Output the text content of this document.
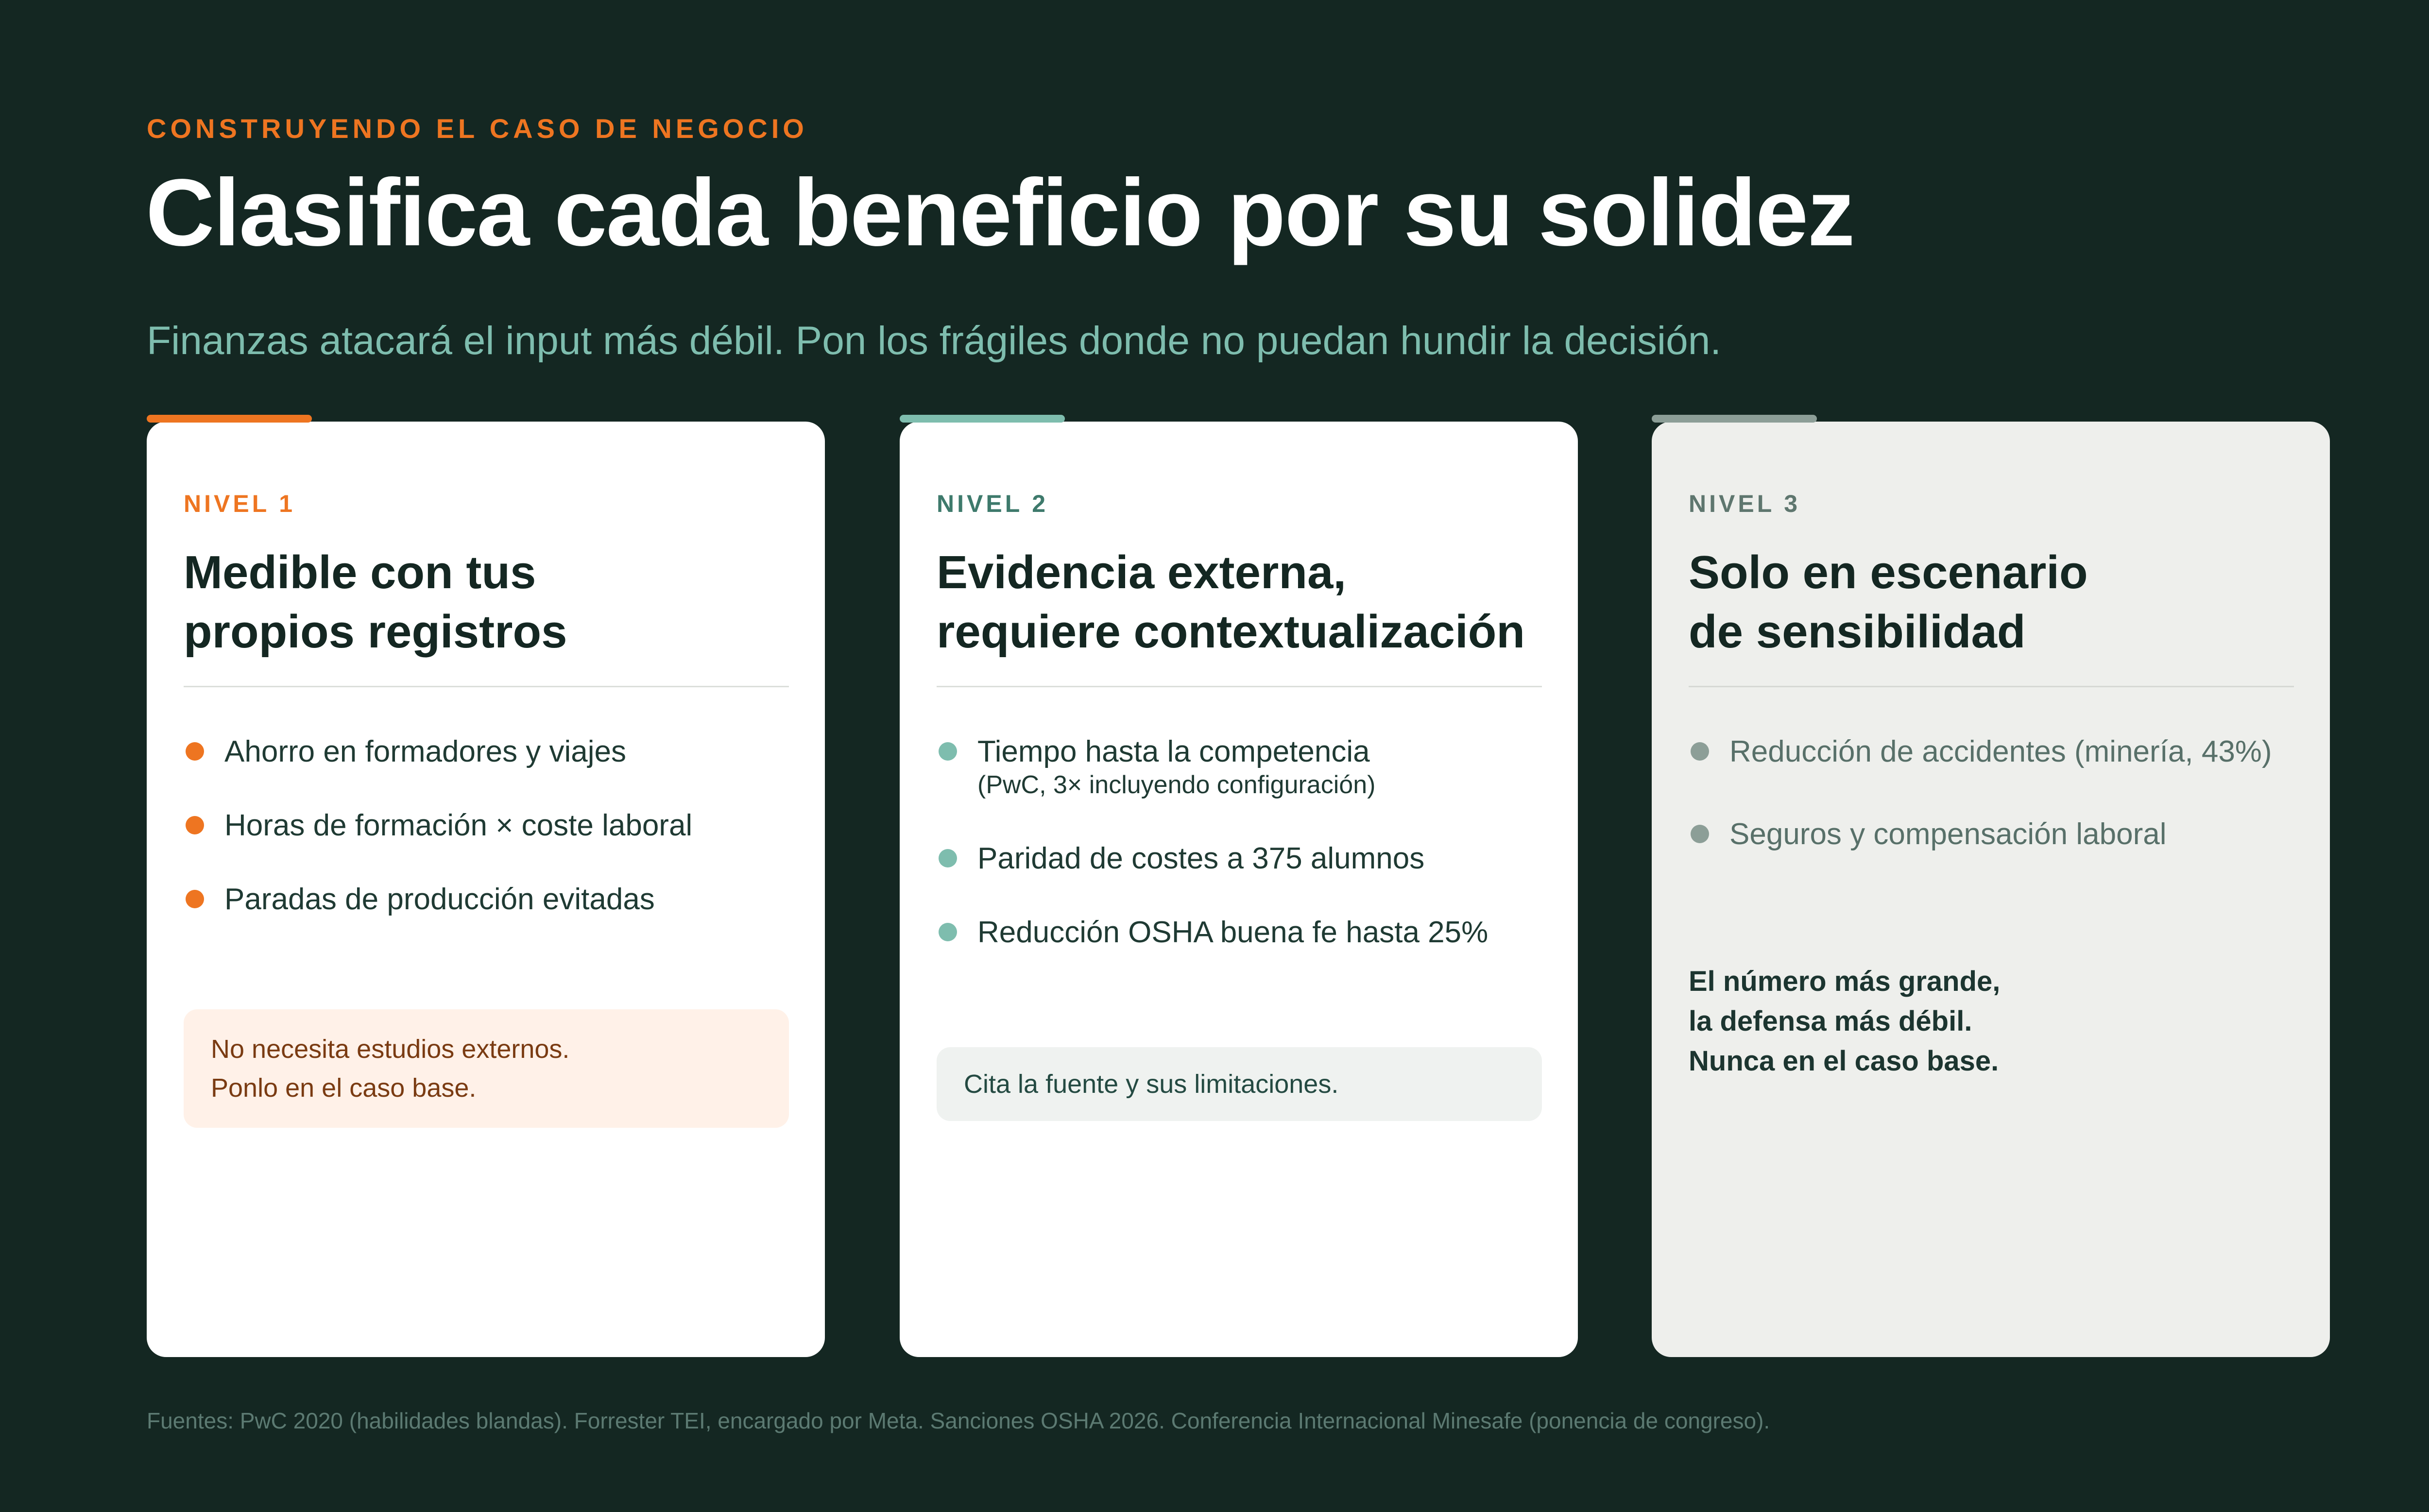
CONSTRUYENDO EL CASO DE NEGOCIO
Clasifica cada beneficio por su solidez
Finanzas atacará el input más débil. Pon los frágiles donde no puedan hundir la decisión.
NIVEL 1
Medible con tus
propios registros
Ahorro en formadores y viajes
Horas de formación × coste laboral
Paradas de producción evitadas
No necesita estudios externos.
Ponlo en el caso base.
NIVEL 2
Evidencia externa,
requiere contextualización
Tiempo hasta la competencia
(PwC, 3× incluyendo configuración)
Paridad de costes a 375 alumnos
Reducción OSHA buena fe hasta 25%
Cita la fuente y sus limitaciones.
NIVEL 3
Solo en escenario
de sensibilidad
Reducción de accidentes (minería, 43%)
Seguros y compensación laboral
El número más grande,
la defensa más débil.
Nunca en el caso base.
Fuentes: PwC 2020 (habilidades blandas). Forrester TEI, encargado por Meta. Sanciones OSHA 2026. Conferencia Internacional Minesafe (ponencia de congreso).
